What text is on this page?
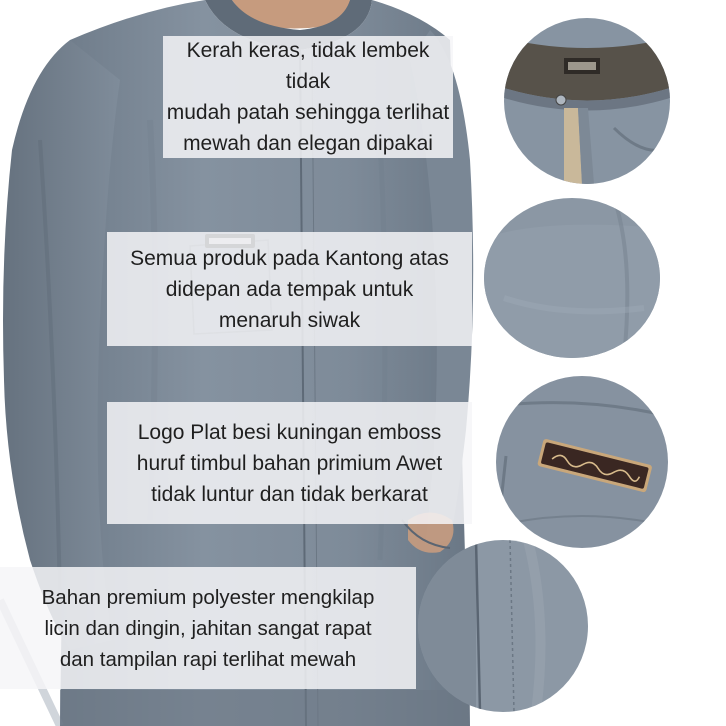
Kerah keras, tidak lembek tidak
mudah patah sehingga terlihat
mewah dan elegan dipakai
Semua produk pada Kantong atas
didepan ada tempak untuk
menaruh siwak
Logo Plat besi kuningan emboss
huruf timbul bahan primium Awet
tidak luntur dan tidak berkarat
Bahan premium polyester mengkilap
licin dan dingin, jahitan sangat rapat
dan tampilan rapi terlihat mewah
